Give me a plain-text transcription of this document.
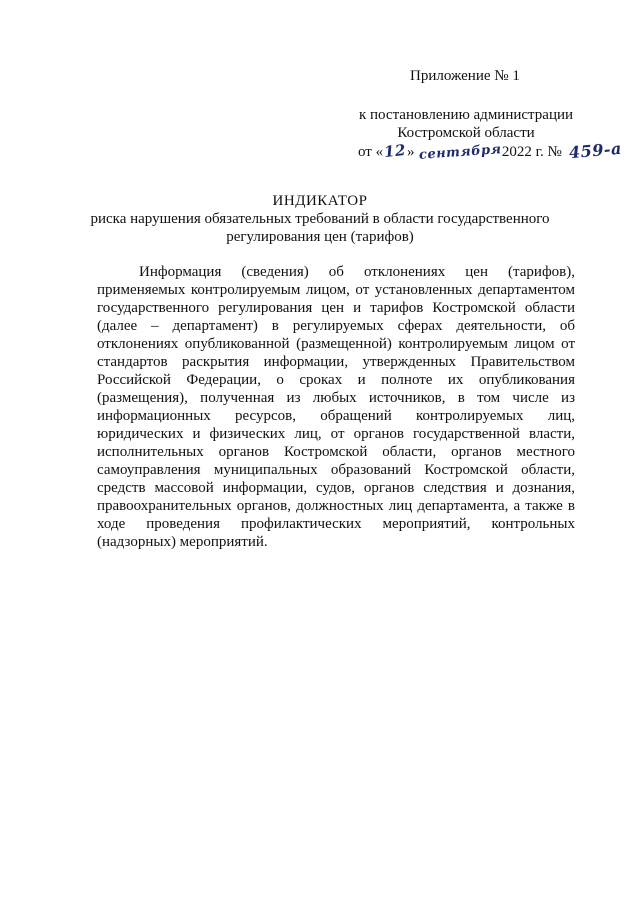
Приложение № 1
к постановлению администрации
Костромской области
от «12» сентября2022 г. № 459-а
ИНДИКАТОР
риска нарушения обязательных требований в области государственного регулирования цен (тарифов)

Информация (сведения) об отклонениях цен (тарифов), применяемых контролируемым лицом, от установленных департаментом государственного регулирования цен и тарифов Костромской области (далее – департамент) в регулируемых сферах деятельности, об отклонениях опубликованной (размещенной) контролируемым лицом от стандартов раскрытия информации, утвержденных Правительством Российской Федерации, о сроках и полноте их опубликования (размещения), полученная из любых источников, в том числе из информационных ресурсов, обращений контролируемых лиц, юридических и физических лиц, от органов государственной власти, исполнительных органов Костромской области, органов местного самоуправления муниципальных образований Костромской области, средств массовой информации, судов, органов следствия и дознания, правоохранительных органов, должностных лиц департамента, а также в ходе проведения профилактических мероприятий, контрольных (надзорных) мероприятий.
